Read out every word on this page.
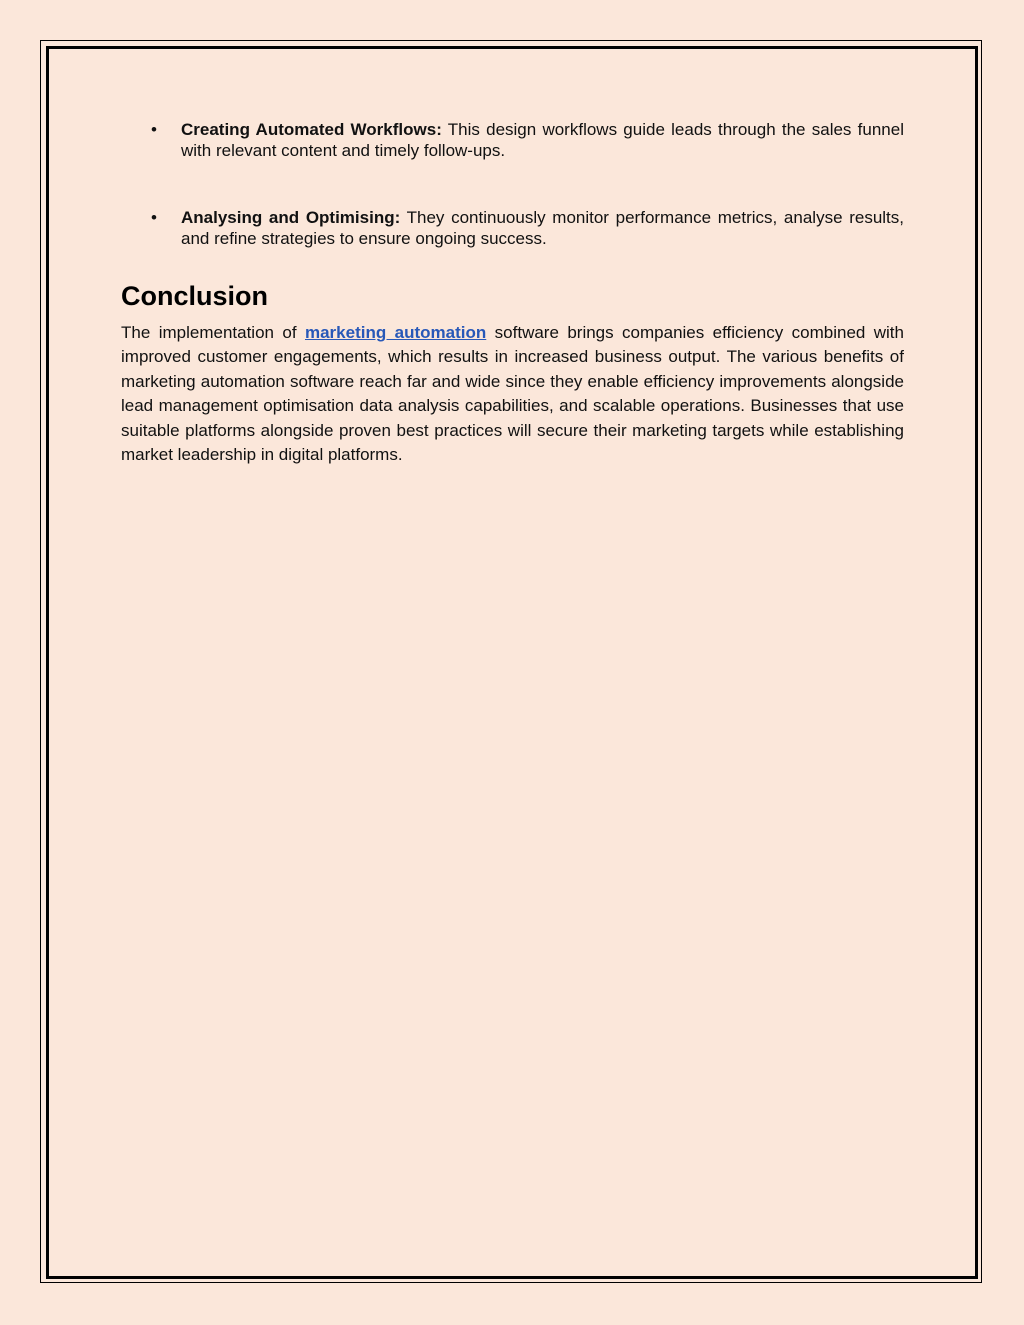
• Creating Automated Workflows: This design workflows guide leads through the sales funnel with relevant content and timely follow-ups.
• Analysing and Optimising: They continuously monitor performance metrics, analyse results, and refine strategies to ensure ongoing success.
Conclusion

The implementation of marketing automation software brings companies efficiency combined with improved customer engagements, which results in increased business output. The various benefits of marketing automation software reach far and wide since they enable efficiency improvements alongside lead management optimisation data analysis capabilities, and scalable operations. Businesses that use suitable platforms alongside proven best practices will secure their marketing targets while establishing market leadership in digital platforms.
